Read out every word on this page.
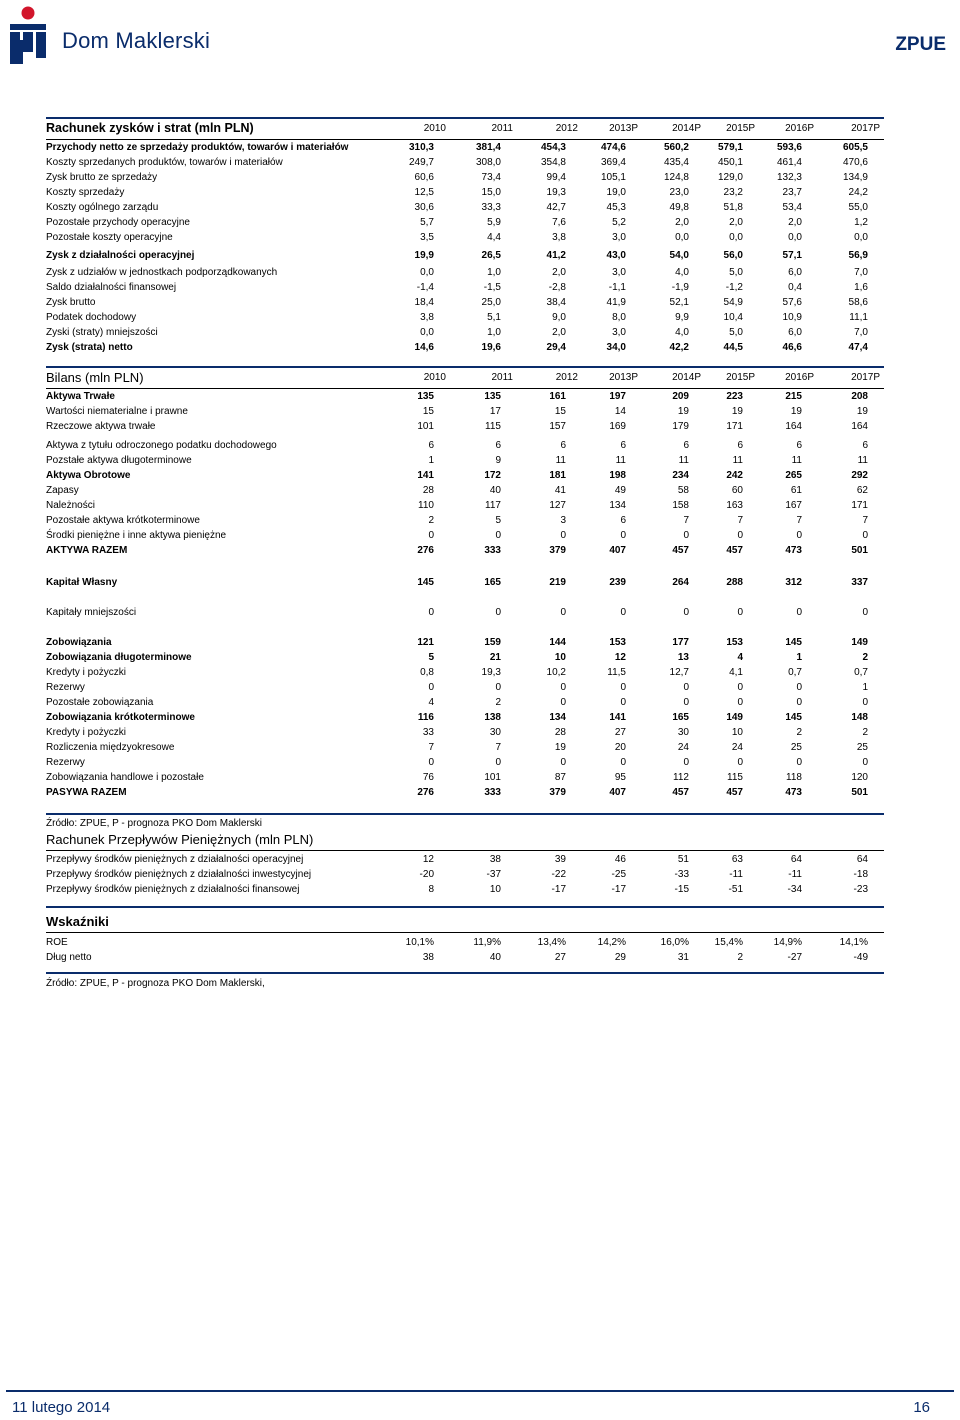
Dom Maklerski	ZPUE
Rachunek zysków i strat (mln PLN)	2010	2011	2012	2013P	2014P	2015P	2016P	2017P
Przychody netto ze sprzedaży produktów, towarów i materiałów	310,3	381,4	454,3	474,6	560,2	579,1	593,6	605,5
Koszty sprzedanych produktów, towarów i materiałów	249,7	308,0	354,8	369,4	435,4	450,1	461,4	470,6
Zysk brutto ze sprzedaży	60,6	73,4	99,4	105,1	124,8	129,0	132,3	134,9
Koszty sprzedaży	12,5	15,0	19,3	19,0	23,0	23,2	23,7	24,2
Koszty ogólnego zarządu	30,6	33,3	42,7	45,3	49,8	51,8	53,4	55,0
Pozostałe przychody operacyjne	5,7	5,9	7,6	5,2	2,0	2,0	2,0	1,2
Pozostałe koszty operacyjne	3,5	4,4	3,8	3,0	0,0	0,0	0,0	0,0
Zysk z działalności operacyjnej	19,9	26,5	41,2	43,0	54,0	56,0	57,1	56,9
Zysk z udziałów w jednostkach podporządkowanych	0,0	1,0	2,0	3,0	4,0	5,0	6,0	7,0
Saldo działalności finansowej	-1,4	-1,5	-2,8	-1,1	-1,9	-1,2	0,4	1,6
Zysk brutto	18,4	25,0	38,4	41,9	52,1	54,9	57,6	58,6
Podatek dochodowy	3,8	5,1	9,0	8,0	9,9	10,4	10,9	11,1
Zyski (straty) mniejszości	0,0	1,0	2,0	3,0	4,0	5,0	6,0	7,0
Zysk (strata) netto	14,6	19,6	29,4	34,0	42,2	44,5	46,6	47,4
Bilans (mln PLN)	2010	2011	2012	2013P	2014P	2015P	2016P	2017P
Aktywa Trwałe	135	135	161	197	209	223	215	208
Wartości niematerialne i prawne	15	17	15	14	19	19	19	19
Rzeczowe aktywa trwałe	101	115	157	169	179	171	164	164
Aktywa z tytułu odroczonego podatku dochodowego	6	6	6	6	6	6	6	6
Pozstałe aktywa długoterminowe	1	9	11	11	11	11	11	11
Aktywa Obrotowe	141	172	181	198	234	242	265	292
Zapasy	28	40	41	49	58	60	61	62
Należności	110	117	127	134	158	163	167	171
Pozostałe aktywa krótkoterminowe	2	5	3	6	7	7	7	7
Środki pieniężne i inne aktywa pieniężne	0	0	0	0	0	0	0	0
AKTYWA RAZEM	276	333	379	407	457	457	473	501
Kapitał Własny	145	165	219	239	264	288	312	337
Kapitały mniejszości	0	0	0	0	0	0	0	0
Zobowiązania	121	159	144	153	177	153	145	149
Zobowiązania długoterminowe	5	21	10	12	13	4	1	2
Kredyty i pożyczki	0,8	19,3	10,2	11,5	12,7	4,1	0,7	0,7
Rezerwy	0	0	0	0	0	0	0	1
Pozostałe zobowiązania	4	2	0	0	0	0	0	0
Zobowiązania krótkoterminowe	116	138	134	141	165	149	145	148
Kredyty i pożyczki	33	30	28	27	30	10	2	2
Rozliczenia międzyokresowe	7	7	19	20	24	24	25	25
Rezerwy	0	0	0	0	0	0	0	0
Zobowiązania handlowe i pozostałe	76	101	87	95	112	115	118	120
PASYWA RAZEM	276	333	379	407	457	457	473	501
Źródło: ZPUE, P - prognoza PKO Dom Maklerski
Rachunek Przepływów Pieniężnych (mln PLN)
Przepływy środków pieniężnych z działalności operacyjnej	12	38	39	46	51	63	64	64
Przepływy środków pieniężnych z działalności inwestycyjnej	-20	-37	-22	-25	-33	-11	-11	-18
Przepływy środków pieniężnych z działalności finansowej	8	10	-17	-17	-15	-51	-34	-23
Wskaźniki
ROE	10,1%	11,9%	13,4%	14,2%	16,0%	15,4%	14,9%	14,1%
Dług netto	38	40	27	29	31	2	-27	-49
Źródło: ZPUE, P - prognoza PKO Dom Maklerski,
11 lutego 2014	16
